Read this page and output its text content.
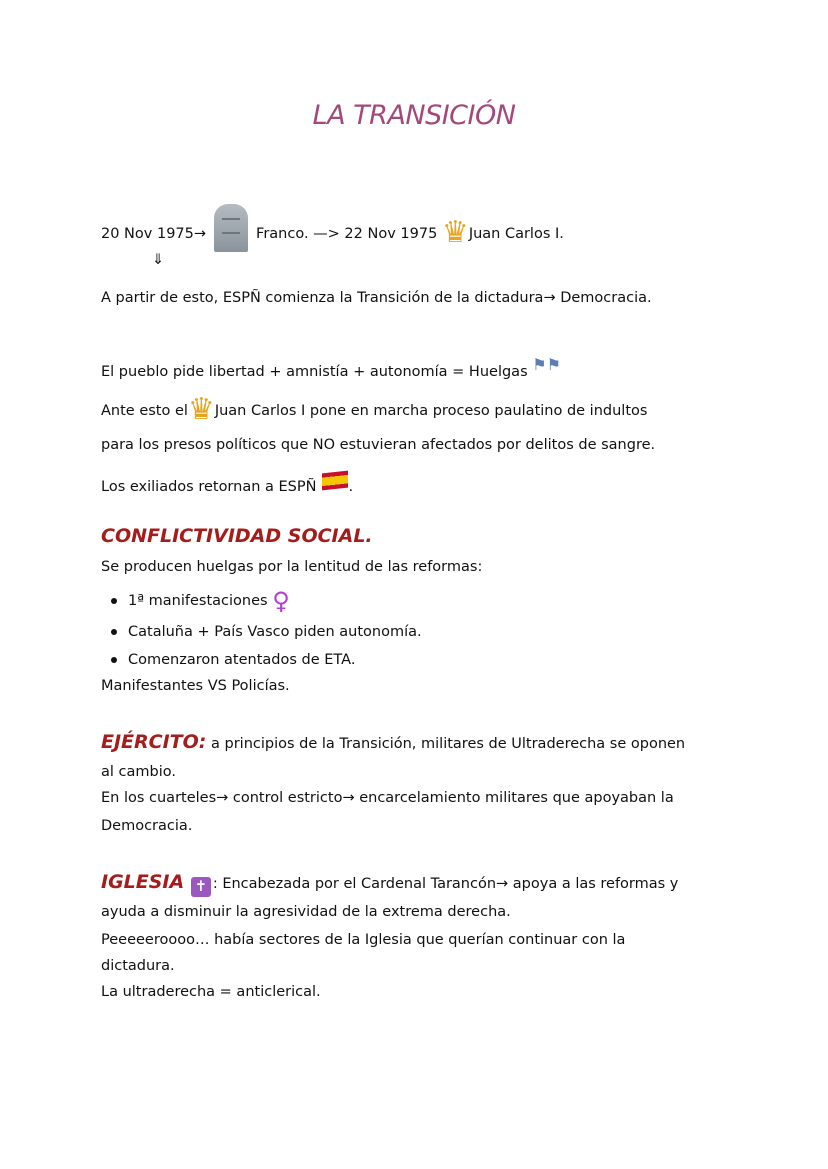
LA TRANSICIÓN
20 Nov 1975→	Franco. —> 22 Nov 1975 ♛Juan Carlos I.
⇓
A partir de esto, ESPÑ comienza la Transición de la dictadura→ Democracia.
El pueblo pide libertad + amnistía + autonomía = Huelgas ⚑⚑
Ante esto el♛Juan Carlos I pone en marcha proceso paulatino de indultos
para los presos políticos que NO estuvieran afectados por delitos de sangre.
Los exiliados retornan a ESPÑ .
CONFLICTIVIDAD SOCIAL.
Se producen huelgas por la lentitud de las reformas:
1ª manifestaciones ♀
Cataluña + País Vasco piden autonomía.
Comenzaron atentados de ETA.
Manifestantes VS Policías.
EJÉRCITO: a principios de la Transición, militares de Ultraderecha se oponen
al cambio.
En los cuarteles→ control estricto→ encarcelamiento militares que apoyaban la
Democracia.
IGLESIA ✝ : Encabezada por el Cardenal Tarancón→ apoya a las reformas y
ayuda a disminuir la agresividad de la extrema derecha.
Peeeeeroooo… había sectores de la Iglesia que querían continuar con la
dictadura.
La ultraderecha = anticlerical.
